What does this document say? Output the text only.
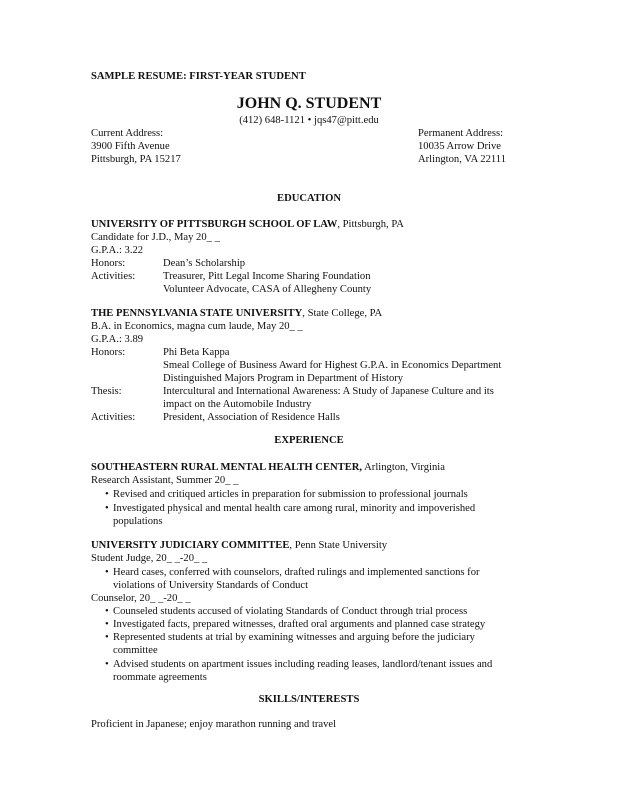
SAMPLE RESUME: FIRST-YEAR STUDENT
JOHN Q. STUDENT
(412) 648-1121 • jqs47@pitt.edu
Current Address:
3900 Fifth Avenue
Pittsburgh, PA 15217
Permanent Address:
10035 Arrow Drive
Arlington, VA 22111
EDUCATION
UNIVERSITY OF PITTSBURGH SCHOOL OF LAW, Pittsburgh, PA
Candidate for J.D., May 20_ _
G.P.A.: 3.22
Honors:	Dean’s Scholarship
Activities:	Treasurer, Pitt Legal Income Sharing Foundation
Volunteer Advocate, CASA of Allegheny County
THE PENNSYLVANIA STATE UNIVERSITY, State College, PA
B.A. in Economics, magna cum laude, May 20_ _
G.P.A.: 3.89
Honors:	Phi Beta Kappa
Smeal College of Business Award for Highest G.P.A. in Economics Department
Distinguished Majors Program in Department of History
Thesis:	Intercultural and International Awareness: A Study of Japanese Culture and its
impact on the Automobile Industry
Activities:	President, Association of Residence Halls
EXPERIENCE
SOUTHEASTERN RURAL MENTAL HEALTH CENTER, Arlington, Virginia
Research Assistant, Summer 20_ _
• Revised and critiqued articles in preparation for submission to professional journals
• Investigated physical and mental health care among rural, minority and impoverished
populations
UNIVERSITY JUDICIARY COMMITTEE, Penn State University
Student Judge, 20_ _-20_ _
• Heard cases, conferred with counselors, drafted rulings and implemented sanctions for
violations of University Standards of Conduct
Counselor, 20_ _-20_ _
• Counseled students accused of violating Standards of Conduct through trial process
• Investigated facts, prepared witnesses, drafted oral arguments and planned case strategy
• Represented students at trial by examining witnesses and arguing before the judiciary
committee
• Advised students on apartment issues including reading leases, landlord/tenant issues and
roommate agreements
SKILLS/INTERESTS
Proficient in Japanese; enjoy marathon running and travel
